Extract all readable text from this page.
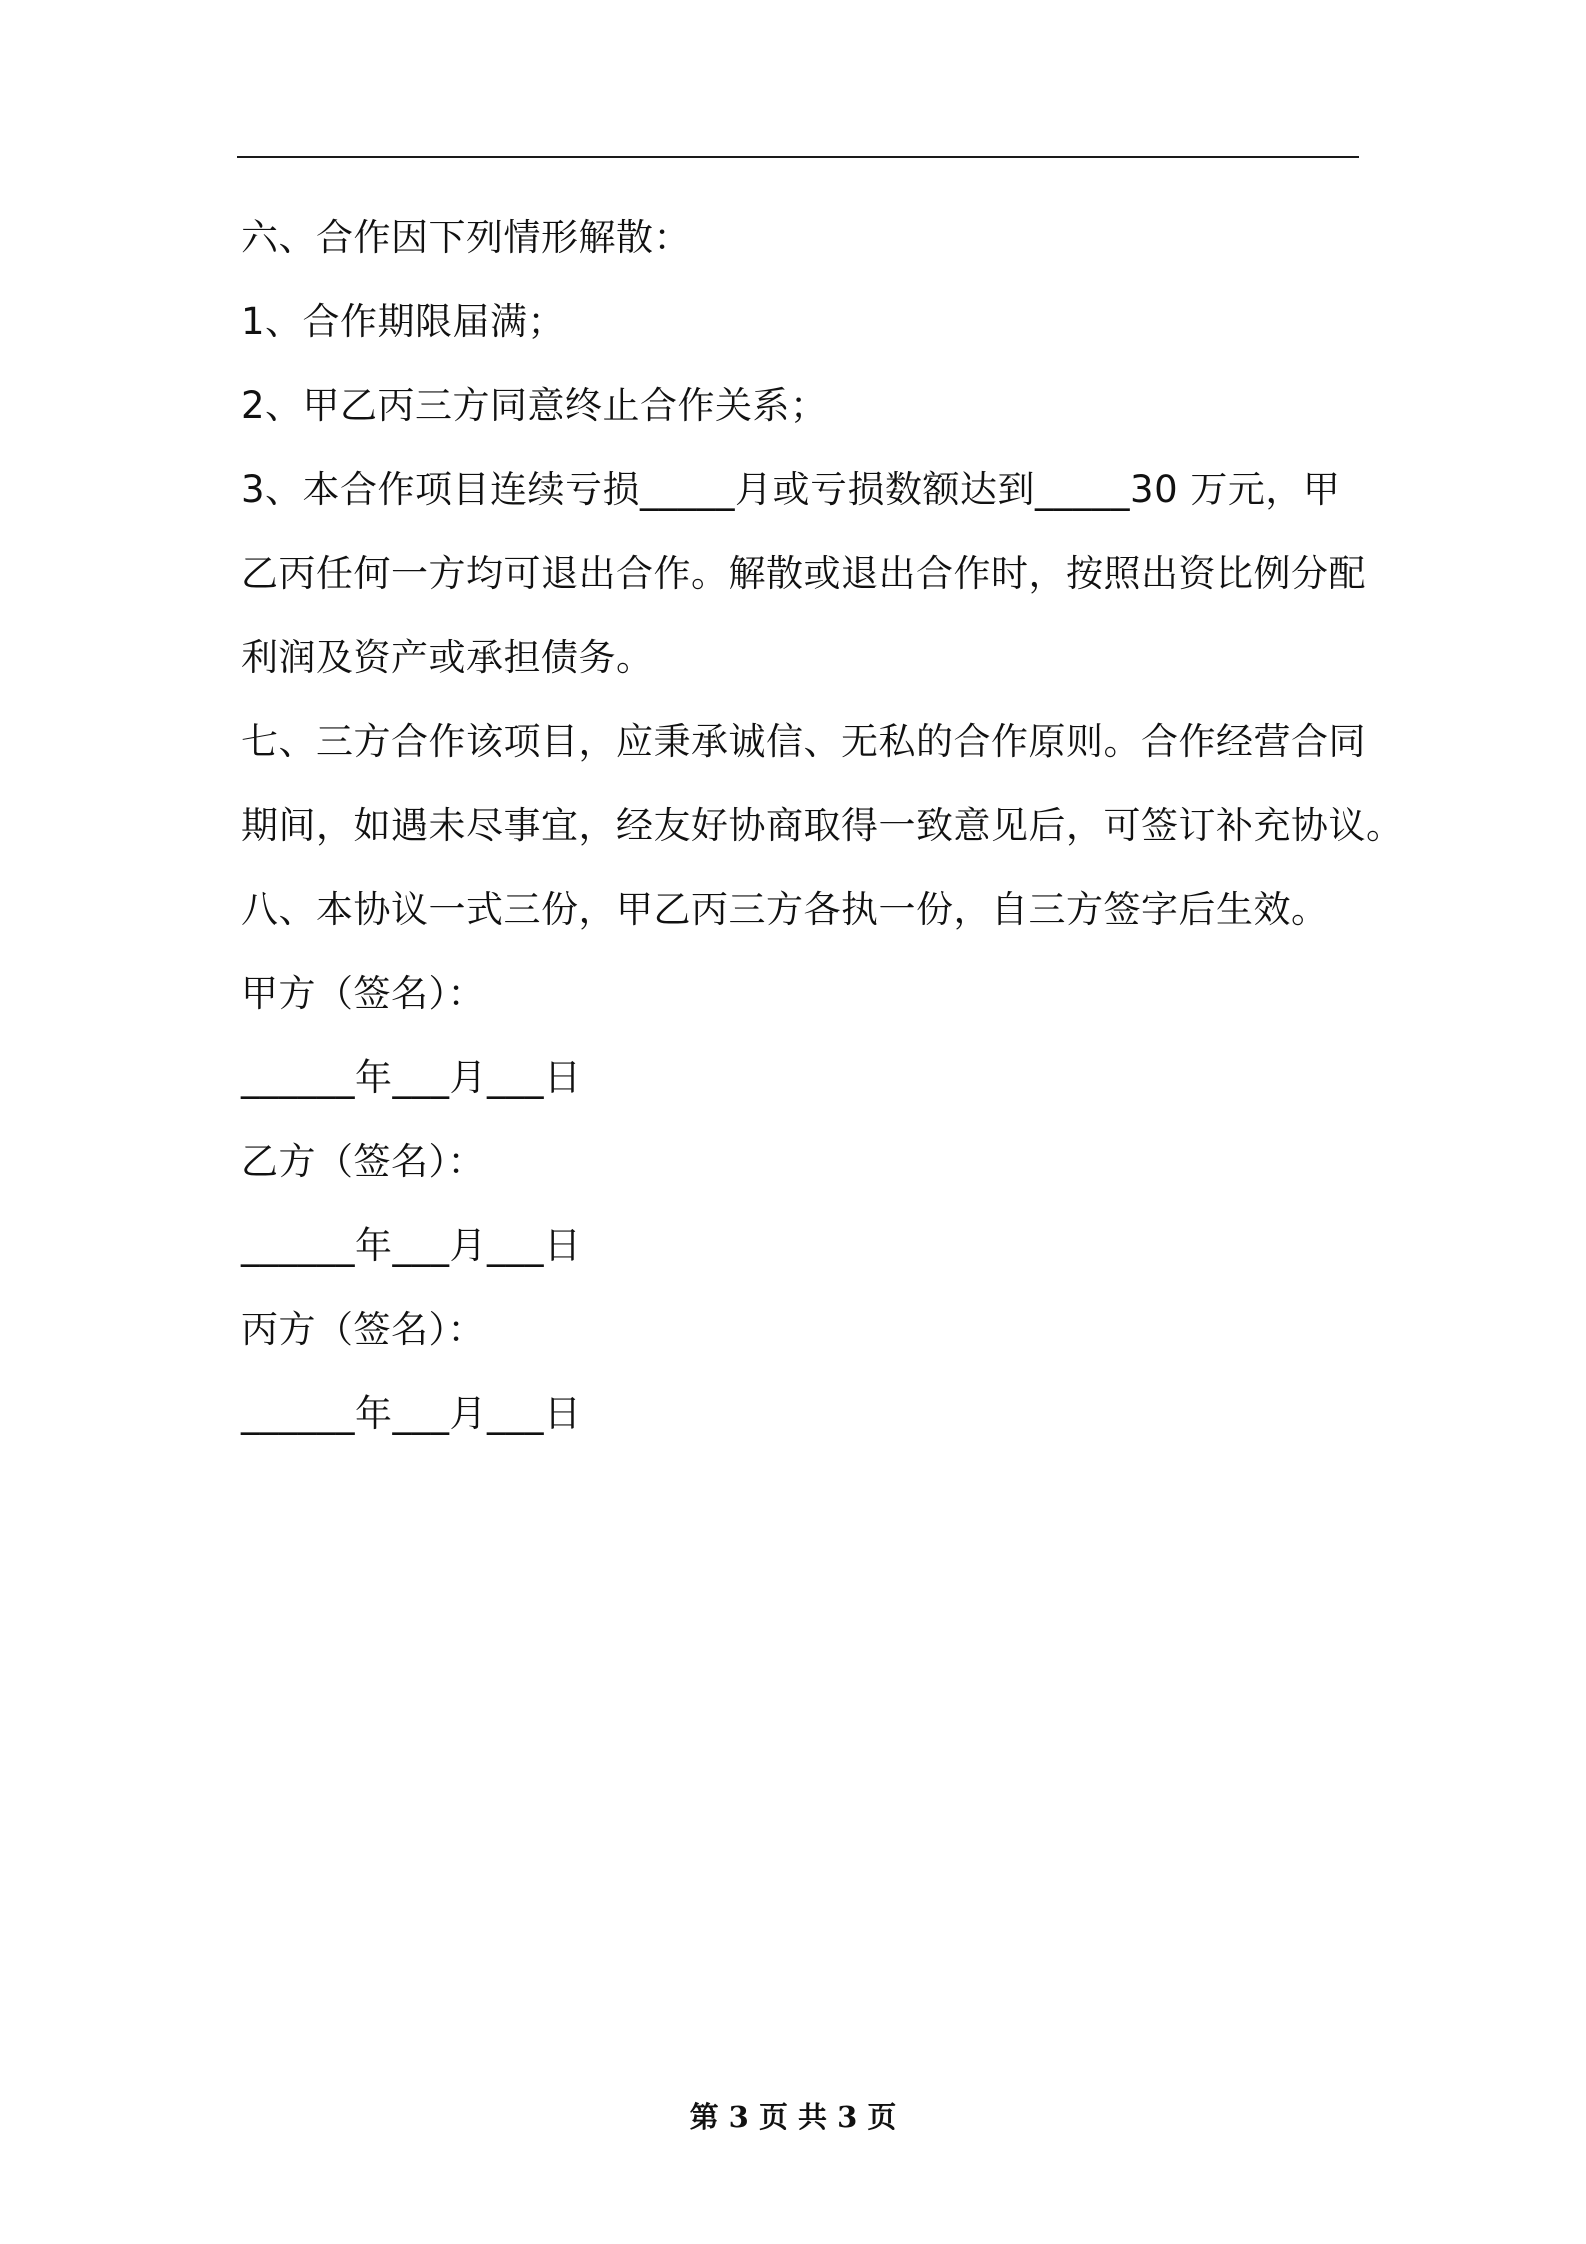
六、合作因下列情形解散：
1、合作期限届满；
2、甲乙丙三方同意终止合作关系；
3、本合作项目连续亏损_____月或亏损数额达到_____30 万元，甲
乙丙任何一方均可退出合作。解散或退出合作时，按照出资比例分配
利润及资产或承担债务。
七、三方合作该项目，应秉承诚信、无私的合作原则。合作经营合同
期间，如遇未尽事宜，经友好协商取得一致意见后，可签订补充协议。
八、本协议一式三份，甲乙丙三方各执一份，自三方签字后生效。
甲方（签名）：
______年___月___日
乙方（签名）：
______年___月___日
丙方（签名）：
______年___月___日
第 3 页 共 3 页
